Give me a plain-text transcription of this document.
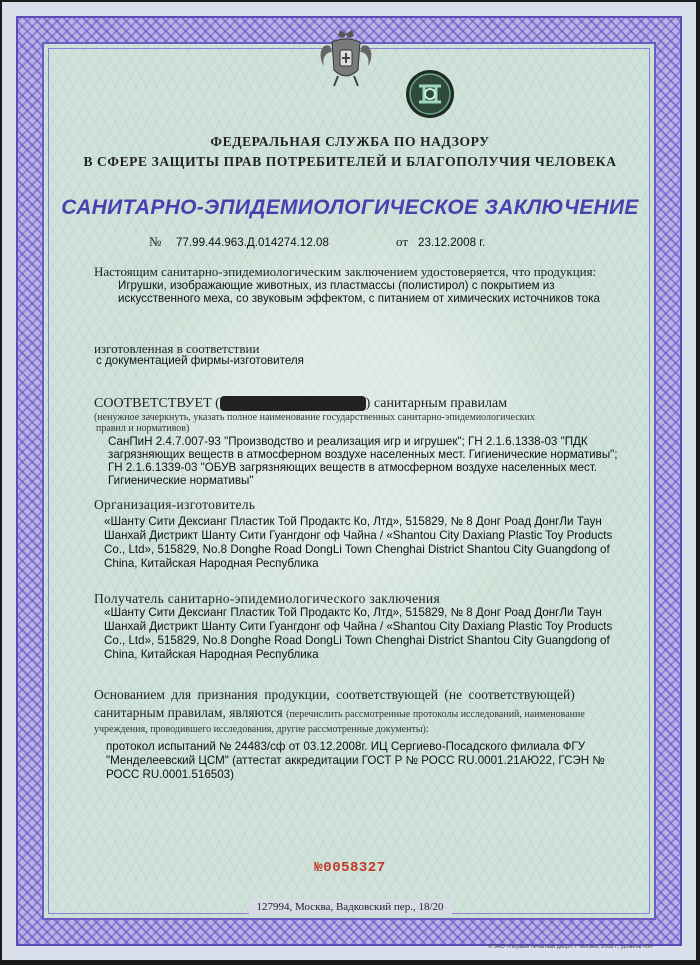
ФЕДЕРАЛЬНАЯ СЛУЖБА ПО НАДЗОРУ
В СФЕРЕ ЗАЩИТЫ ПРАВ ПОТРЕБИТЕЛЕЙ И БЛАГОПОЛУЧИЯ ЧЕЛОВЕКА
САНИТАРНО-ЭПИДЕМИОЛОГИЧЕСКОЕ ЗАКЛЮЧЕНИЕ
№ 77.99.44.963.Д.014274.12.08	от 23.12.2008 г.
Настоящим санитарно-эпидемиологическим заключением удостоверяется, что продукция:
Игрушки, изображающие животных, из пластмассы (полистирол) с покрытием из
искусственного меха, со звуковым эффектом, с питанием от химических источников тока
изготовленная в соответствии
с документацией фирмы-изготовителя
СООТВЕТСТВУЕТ ( НЕ СООТВЕТСТВУЕТ ) санитарным правилам
(ненужное зачеркнуть, указать полное наименование государственных санитарно-эпидемиологических
правил и нормативов)
СанПиН 2.4.7.007-93 "Производство и реализация игр и игрушек"; ГН 2.1.6.1338-03 "ПДК
загрязняющих веществ в атмосферном воздухе населенных мест. Гигиенические нормативы";
ГН 2.1.6.1339-03 "ОБУВ загрязняющих веществ в атмосферном воздухе населенных мест.
Гигиенические нормативы"
Организация-изготовитель
«Шанту Сити Дексианг Пластик Той Продактс Ко, Лтд», 515829, № 8 Донг Роад ДонгЛи Таун
Шанхай Дистрикт Шанту Сити Гуангдонг оф Чайна / «Shantou City Daxiang Plastic Toy Products
Co., Ltd», 515829, No.8 Donghe Road DongLi Town Chenghai District Shantou City Guangdong of
China, Китайская Народная Республика
Получатель санитарно-эпидемиологического заключения
«Шанту Сити Дексианг Пластик Той Продактс Ко, Лтд», 515829, № 8 Донг Роад ДонгЛи Таун
Шанхай Дистрикт Шанту Сити Гуангдонг оф Чайна / «Shantou City Daxiang Plastic Toy Products
Co., Ltd», 515829, No.8 Donghe Road DongLi Town Chenghai District Shantou City Guangdong of
China, Китайская Народная Республика
Основанием для признания продукции, соответствующей (не соответствующей)
санитарным правилам, являются (перечислить рассмотренные протоколы исследований, наименование
учреждения, проводившего исследования, другие рассмотренные документы):
протокол испытаний № 24483/сф от 03.12.2008г. ИЦ Сергиево-Посадского филиала ФГУ
"Менделеевский ЦСМ" (аттестат аккредитации ГОСТ Р № РОСС RU.0001.21АЮ22, ГСЭН №
РОСС RU.0001.516503)
№0058327
127994, Москва, Вадковский пер., 18/20
© ЗАО «Первый печатный двор», г. Москва, 2008 г., уровень «В»
